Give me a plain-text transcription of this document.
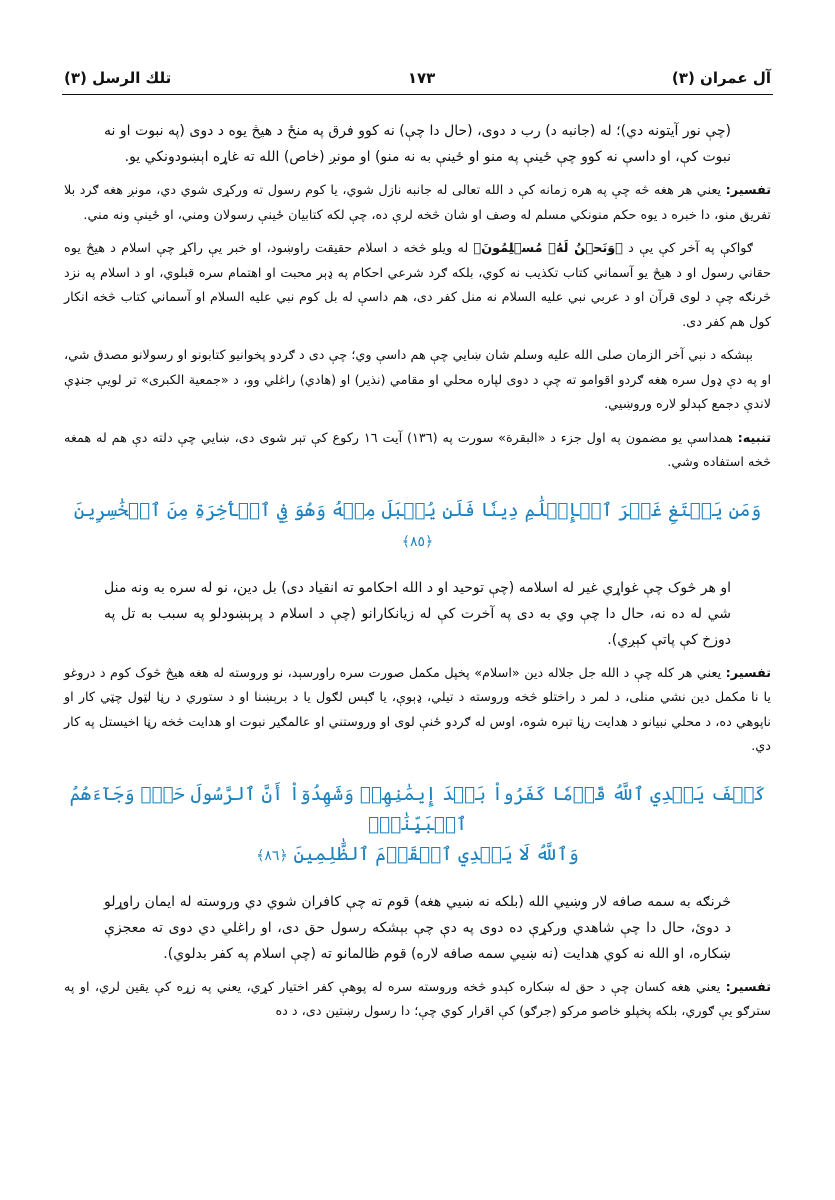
تلك الرسل (٣)	١٧٣	آل عمران (٣)

(چې نور آيتونه دي)؛ له (جانبه د) رب د دوی، (حال دا چې) نه کوو فرق په منځ د هيڅ يوه د دوی (په نبوت او نه نبوت کې، او داسې نه کوو چې ځينې په منو او ځينې به نه منو) او مونږ (خاص) الله ته غاړه اېښودونکي يو.

تفسير: يعني هر هغه څه چې په هره زمانه کې د الله تعالی له جانبه نازل شوي، يا کوم رسول ته ورکړی شوي دي، مونږ هغه ګرد بلا تفريق منو، دا خبره د يوه حکم منونکي مسلم له وصف او شان څخه لرې ده، چې لکه کتابيان ځينې رسولان ومني، او ځينې ونه مني.

ګواکې په آخر کې يې د ﴿وَنَحۡنُ لَهُۥ مُسۡلِمُونَ﴾ له ويلو څخه د اسلام حقيقت راوښود، او خبر يې راکړ چې اسلام د هيڅ يوه حقاني رسول او د هيڅ يو آسماني کتاب تکذيب نه کوي، بلکه ګرد شرعي احکام په ډېر محبت او اهتمام سره قبلوي، او د اسلام په نزد څرنګه چې د لوی قرآن او د عربي نبي عليه السلام نه منل کفر دی، هم داسې له بل کوم نبي عليه السلام او آسماني کتاب څخه انکار کول هم کفر دی.

بېشکه د نبي آخر الزمان صلى الله عليه وسلم شان ښايي چې هم داسې وي؛ چې دی د ګردو پخوانيو کتابونو او رسولانو مصدق شي، او په دې ډول سره هغه ګردو اقوامو ته چې د دوی لپاره محلي او مقامي (نذير) او (هادي) راغلي وو، د «جمعية الکبری» تر لويې جنډې لاندې دجمع کېدلو لاره وروښيي.

تنبيه: همداسې يو مضمون په اول جزء د «البقرة» سورت په (١٣٦) آيت ١٦ رکوع کې تېر شوی دی، ښايي چې دلته دې هم له همغه څخه استفاده وشي.

وَمَن يَبۡتَغِ غَيۡرَ ٱلۡإِسۡلَٰمِ دِينٗا فَلَن يُقۡبَلَ مِنۡهُ وَهُوَ فِي ٱلۡأٓخِرَةِ مِنَ ٱلۡخَٰسِرِينَ ﴿٨٥﴾

او هر څوک چې غواړي غير له اسلامه (چې توحيد او د الله احکامو ته انقياد دی) بل دين، نو له سره به ونه منل شي له ده نه، حال دا چې وي به دی په آخرت کې له زيانکارانو (چې د اسلام د پرېښودلو په سبب به تل په دوزخ کې پاتې کېږي).

تفسير: يعني هر کله چې د الله جل جلاله دين «اسلام» پخپل مکمل صورت سره راورسېد، نو وروسته له هغه هيڅ څوک کوم د دروغو يا نا مکمل دين نشي منلی، د لمر د راختلو څخه وروسته د تيلي، ډېوې، يا ګېس لګول يا د برېښنا او د ستوري د رڼا لټول چټي کار او ناپوهي ده، د محلي نبيانو د هدايت رڼا تېره شوه، اوس له ګردو ځنې لوی او وروستني او عالمګير نبوت او هدايت څخه رڼا اخيستل په کار دي.

كَيۡفَ يَهۡدِي ٱللَّهُ قَوۡمٗا كَفَرُواْ بَعۡدَ إِيمَٰنِهِمۡ وَشَهِدُوٓاْ أَنَّ ٱلرَّسُولَ حَقّٞ وَجَآءَهُمُ ٱلۡبَيِّنَٰتُۚ
وَٱللَّهُ لَا يَهۡدِي ٱلۡقَوۡمَ ٱلظَّٰلِمِينَ ﴿٨٦﴾

څرنګه به سمه صافه لار وښيي الله (بلکه نه ښيي هغه) قوم ته چې کافران شوي دي وروسته له ايمان راوړلو د دوئ، حال دا چې شاهدي ورکړې ده دوی په دې چې بېشکه رسول حق دی، او راغلي دي دوی ته معجزې ښکاره، او الله نه کوي هدايت (نه ښيي سمه صافه لاره) قوم ظالمانو ته (چې اسلام په کفر بدلوي).

تفسير: يعني هغه کسان چې د حق له ښکاره کېدو څخه وروسته سره له پوهې کفر اختيار کړي، يعني په زړه کې يقين لري، او په سترګو يې ګوري، بلکه پخپلو خاصو مرکو (جرګو) کې اقرار کوي چې؛ دا رسول رښتين دی، د ده
